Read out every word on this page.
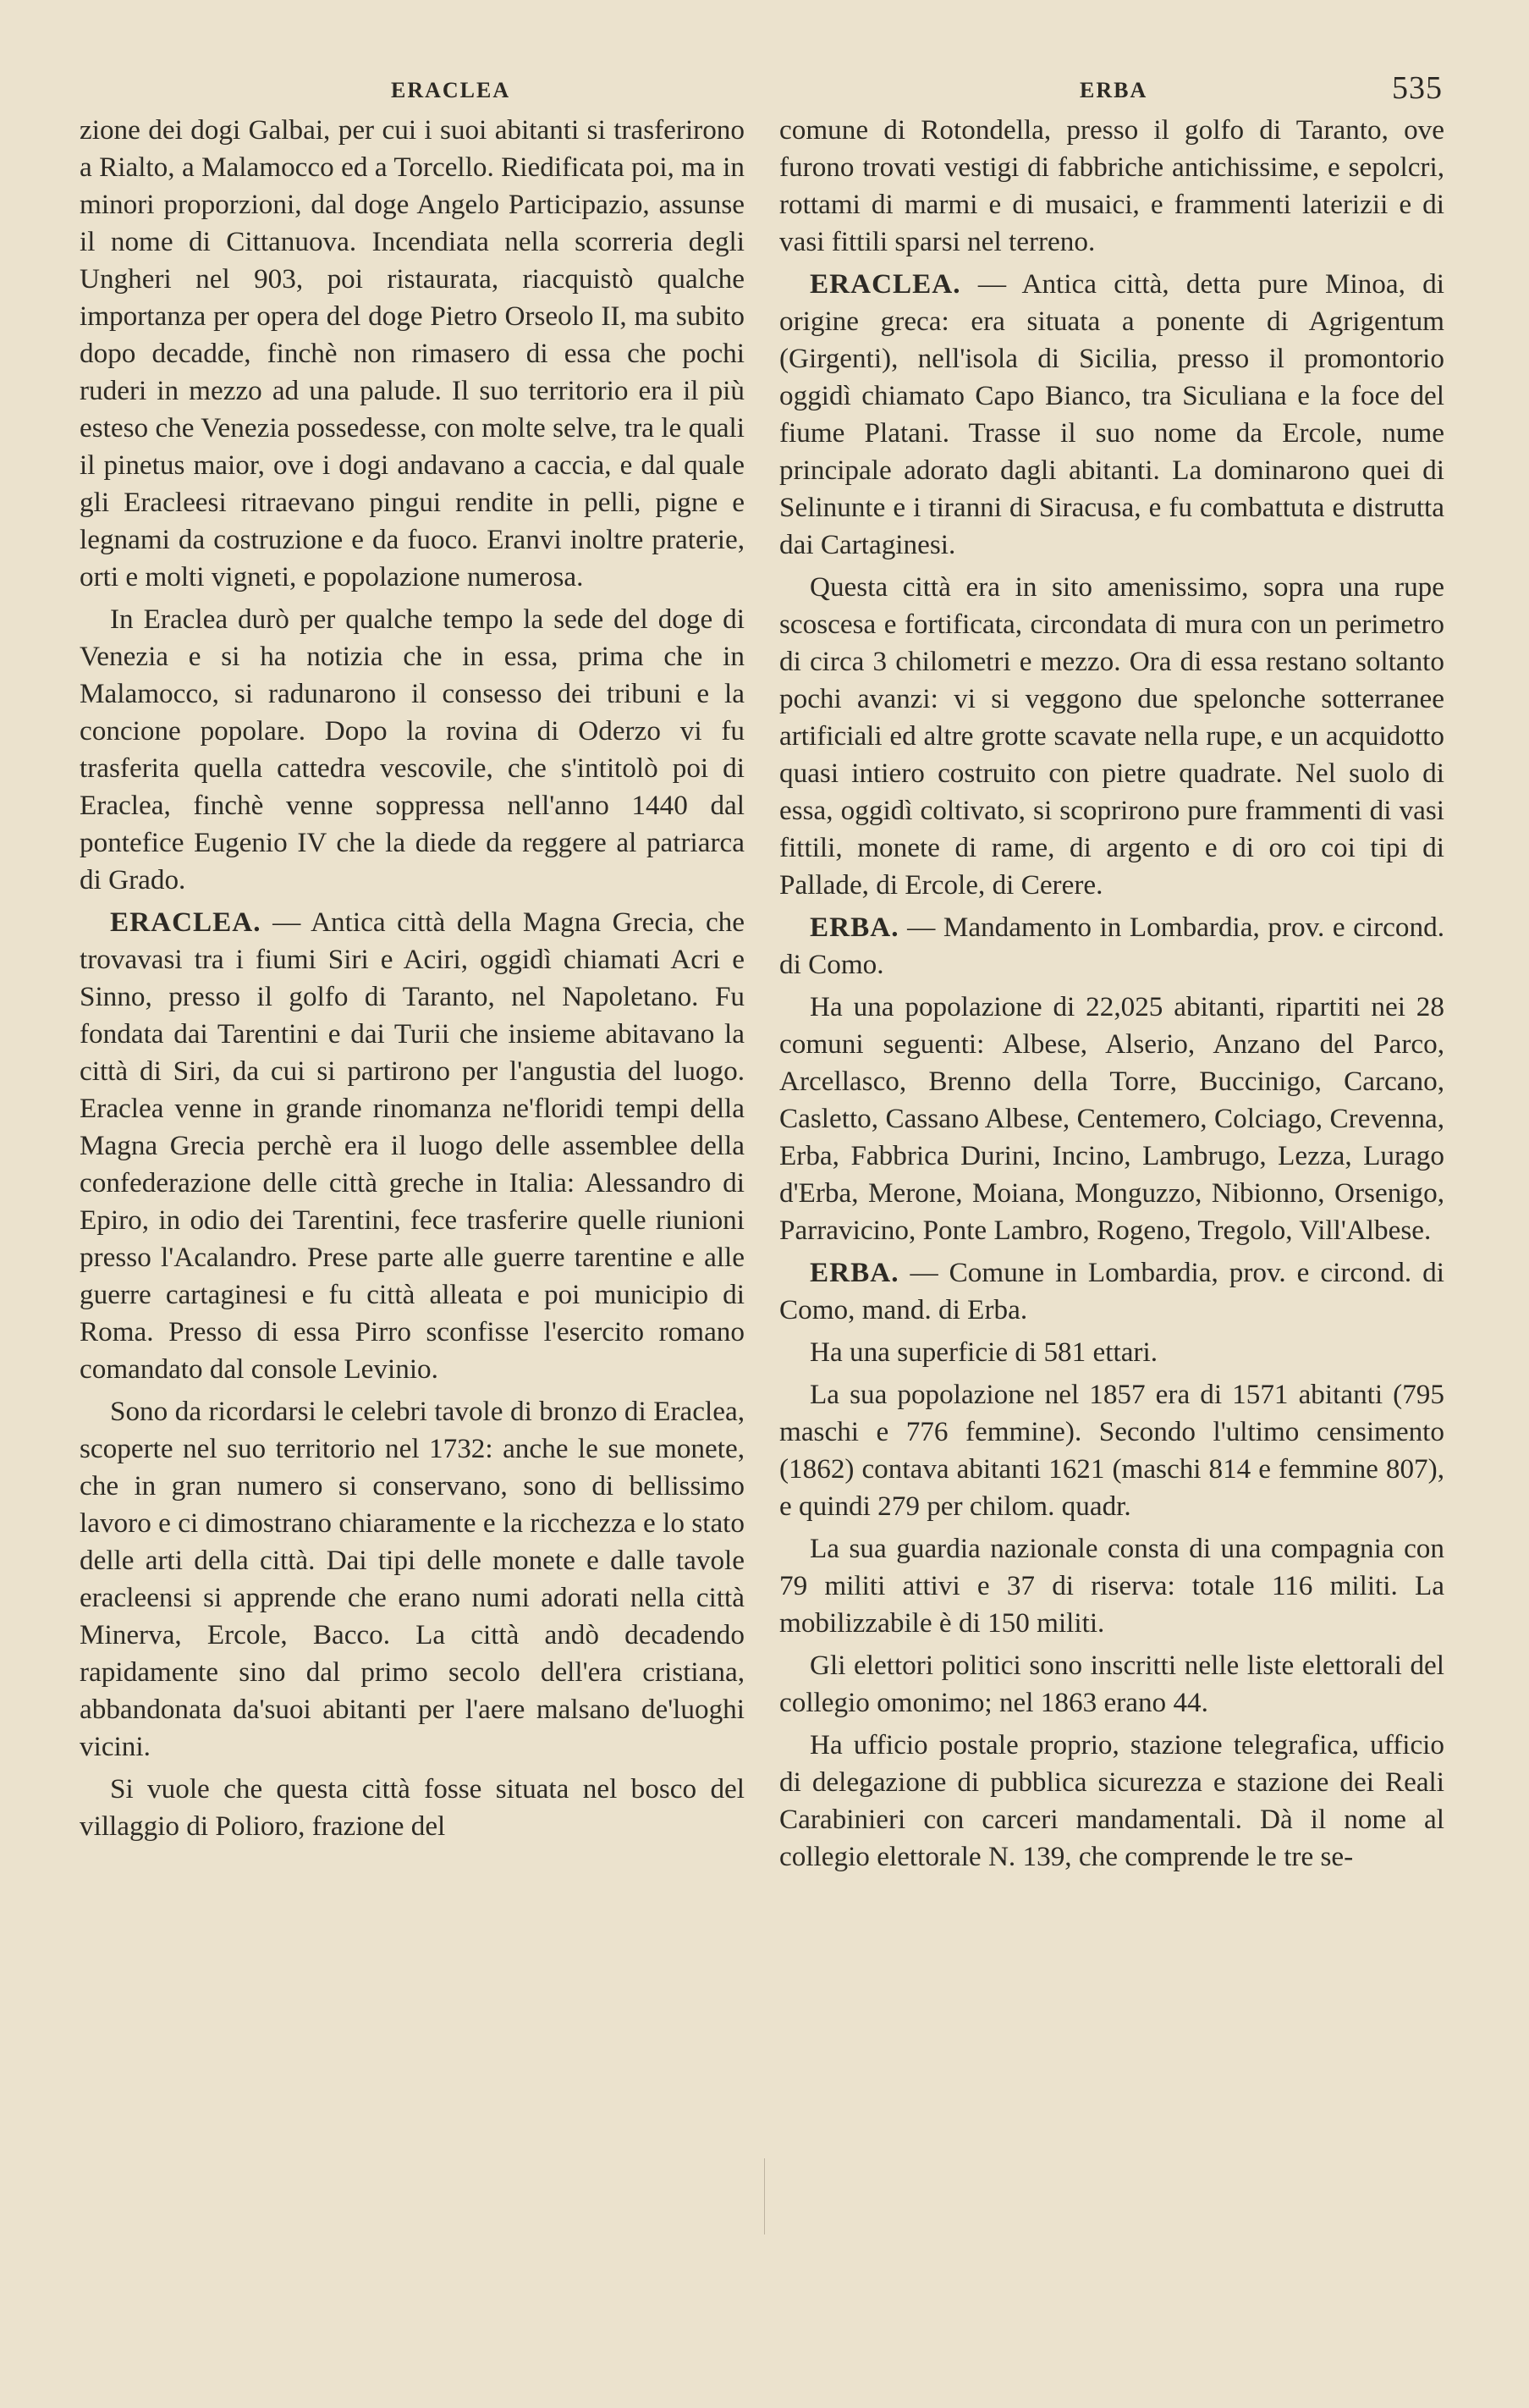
ERACLEA	ERBA	535

zione dei dogi Galbai, per cui i suoi abitanti si trasferirono a Rialto, a Malamocco ed a Torcello. Riedificata poi, ma in minori proporzioni, dal doge Angelo Participazio, assunse il nome di Cittanuova. Incendiata nella scorreria degli Ungheri nel 903, poi ristaurata, riacquistò qualche importanza per opera del doge Pietro Orseolo II, ma subito dopo decadde, finchè non rimasero di essa che pochi ruderi in mezzo ad una palude. Il suo territorio era il più esteso che Venezia possedesse, con molte selve, tra le quali il pinetus maior, ove i dogi andavano a caccia, e dal quale gli Eracleesi ritraevano pingui rendite in pelli, pigne e legnami da costruzione e da fuoco. Eranvi inoltre praterie, orti e molti vigneti, e popolazione numerosa.

In Eraclea durò per qualche tempo la sede del doge di Venezia e si ha notizia che in essa, prima che in Malamocco, si radunarono il consesso dei tribuni e la concione popolare. Dopo la rovina di Oderzo vi fu trasferita quella cattedra vescovile, che s'intitolò poi di Eraclea, finchè venne soppressa nell'anno 1440 dal pontefice Eugenio IV che la diede da reggere al patriarca di Grado.

ERACLEA. — Antica città della Magna Grecia, che trovavasi tra i fiumi Siri e Aciri, oggidì chiamati Acri e Sinno, presso il golfo di Taranto, nel Napoletano. Fu fondata dai Tarentini e dai Turii che insieme abitavano la città di Siri, da cui si partirono per l'angustia del luogo. Eraclea venne in grande rinomanza ne'floridi tempi della Magna Grecia perchè era il luogo delle assemblee della confederazione delle città greche in Italia: Alessandro di Epiro, in odio dei Tarentini, fece trasferire quelle riunioni presso l'Acalandro. Prese parte alle guerre tarentine e alle guerre cartaginesi e fu città alleata e poi municipio di Roma. Presso di essa Pirro sconfisse l'esercito romano comandato dal console Levinio.

Sono da ricordarsi le celebri tavole di bronzo di Eraclea, scoperte nel suo territorio nel 1732: anche le sue monete, che in gran numero si conservano, sono di bellissimo lavoro e ci dimostrano chiaramente e la ricchezza e lo stato delle arti della città. Dai tipi delle monete e dalle tavole eracleensi si apprende che erano numi adorati nella città Minerva, Ercole, Bacco. La città andò decadendo rapidamente sino dal primo secolo dell'era cristiana, abbandonata da'suoi abitanti per l'aere malsano de'luoghi vicini.

Si vuole che questa città fosse situata nel bosco del villaggio di Polioro, frazione del

comune di Rotondella, presso il golfo di Taranto, ove furono trovati vestigi di fabbriche antichissime, e sepolcri, rottami di marmi e di musaici, e frammenti laterizii e di vasi fittili sparsi nel terreno.

ERACLEA. — Antica città, detta pure Minoa, di origine greca: era situata a ponente di Agrigentum (Girgenti), nell'isola di Sicilia, presso il promontorio oggidì chiamato Capo Bianco, tra Siculiana e la foce del fiume Platani. Trasse il suo nome da Ercole, nume principale adorato dagli abitanti. La dominarono quei di Selinunte e i tiranni di Siracusa, e fu combattuta e distrutta dai Cartaginesi.

Questa città era in sito amenissimo, sopra una rupe scoscesa e fortificata, circondata di mura con un perimetro di circa 3 chilometri e mezzo. Ora di essa restano soltanto pochi avanzi: vi si veggono due spelonche sotterranee artificiali ed altre grotte scavate nella rupe, e un acquidotto quasi intiero costruito con pietre quadrate. Nel suolo di essa, oggidì coltivato, si scoprirono pure frammenti di vasi fittili, monete di rame, di argento e di oro coi tipi di Pallade, di Ercole, di Cerere.

ERBA. — Mandamento in Lombardia, prov. e circond. di Como.

Ha una popolazione di 22,025 abitanti, ripartiti nei 28 comuni seguenti: Albese, Alserio, Anzano del Parco, Arcellasco, Brenno della Torre, Buccinigo, Carcano, Casletto, Cassano Albese, Centemero, Colciago, Crevenna, Erba, Fabbrica Durini, Incino, Lambrugo, Lezza, Lurago d'Erba, Merone, Moiana, Monguzzo, Nibionno, Orsenigo, Parravicino, Ponte Lambro, Rogeno, Tregolo, Vill'Albese.

ERBA. — Comune in Lombardia, prov. e circond. di Como, mand. di Erba.

Ha una superficie di 581 ettari.

La sua popolazione nel 1857 era di 1571 abitanti (795 maschi e 776 femmine). Secondo l'ultimo censimento (1862) contava abitanti 1621 (maschi 814 e femmine 807), e quindi 279 per chilom. quadr.

La sua guardia nazionale consta di una compagnia con 79 militi attivi e 37 di riserva: totale 116 militi. La mobilizzabile è di 150 militi.

Gli elettori politici sono inscritti nelle liste elettorali del collegio omonimo; nel 1863 erano 44.

Ha ufficio postale proprio, stazione telegrafica, ufficio di delegazione di pubblica sicurezza e stazione dei Reali Carabinieri con carceri mandamentali. Dà il nome al collegio elettorale N. 139, che comprende le tre se-
